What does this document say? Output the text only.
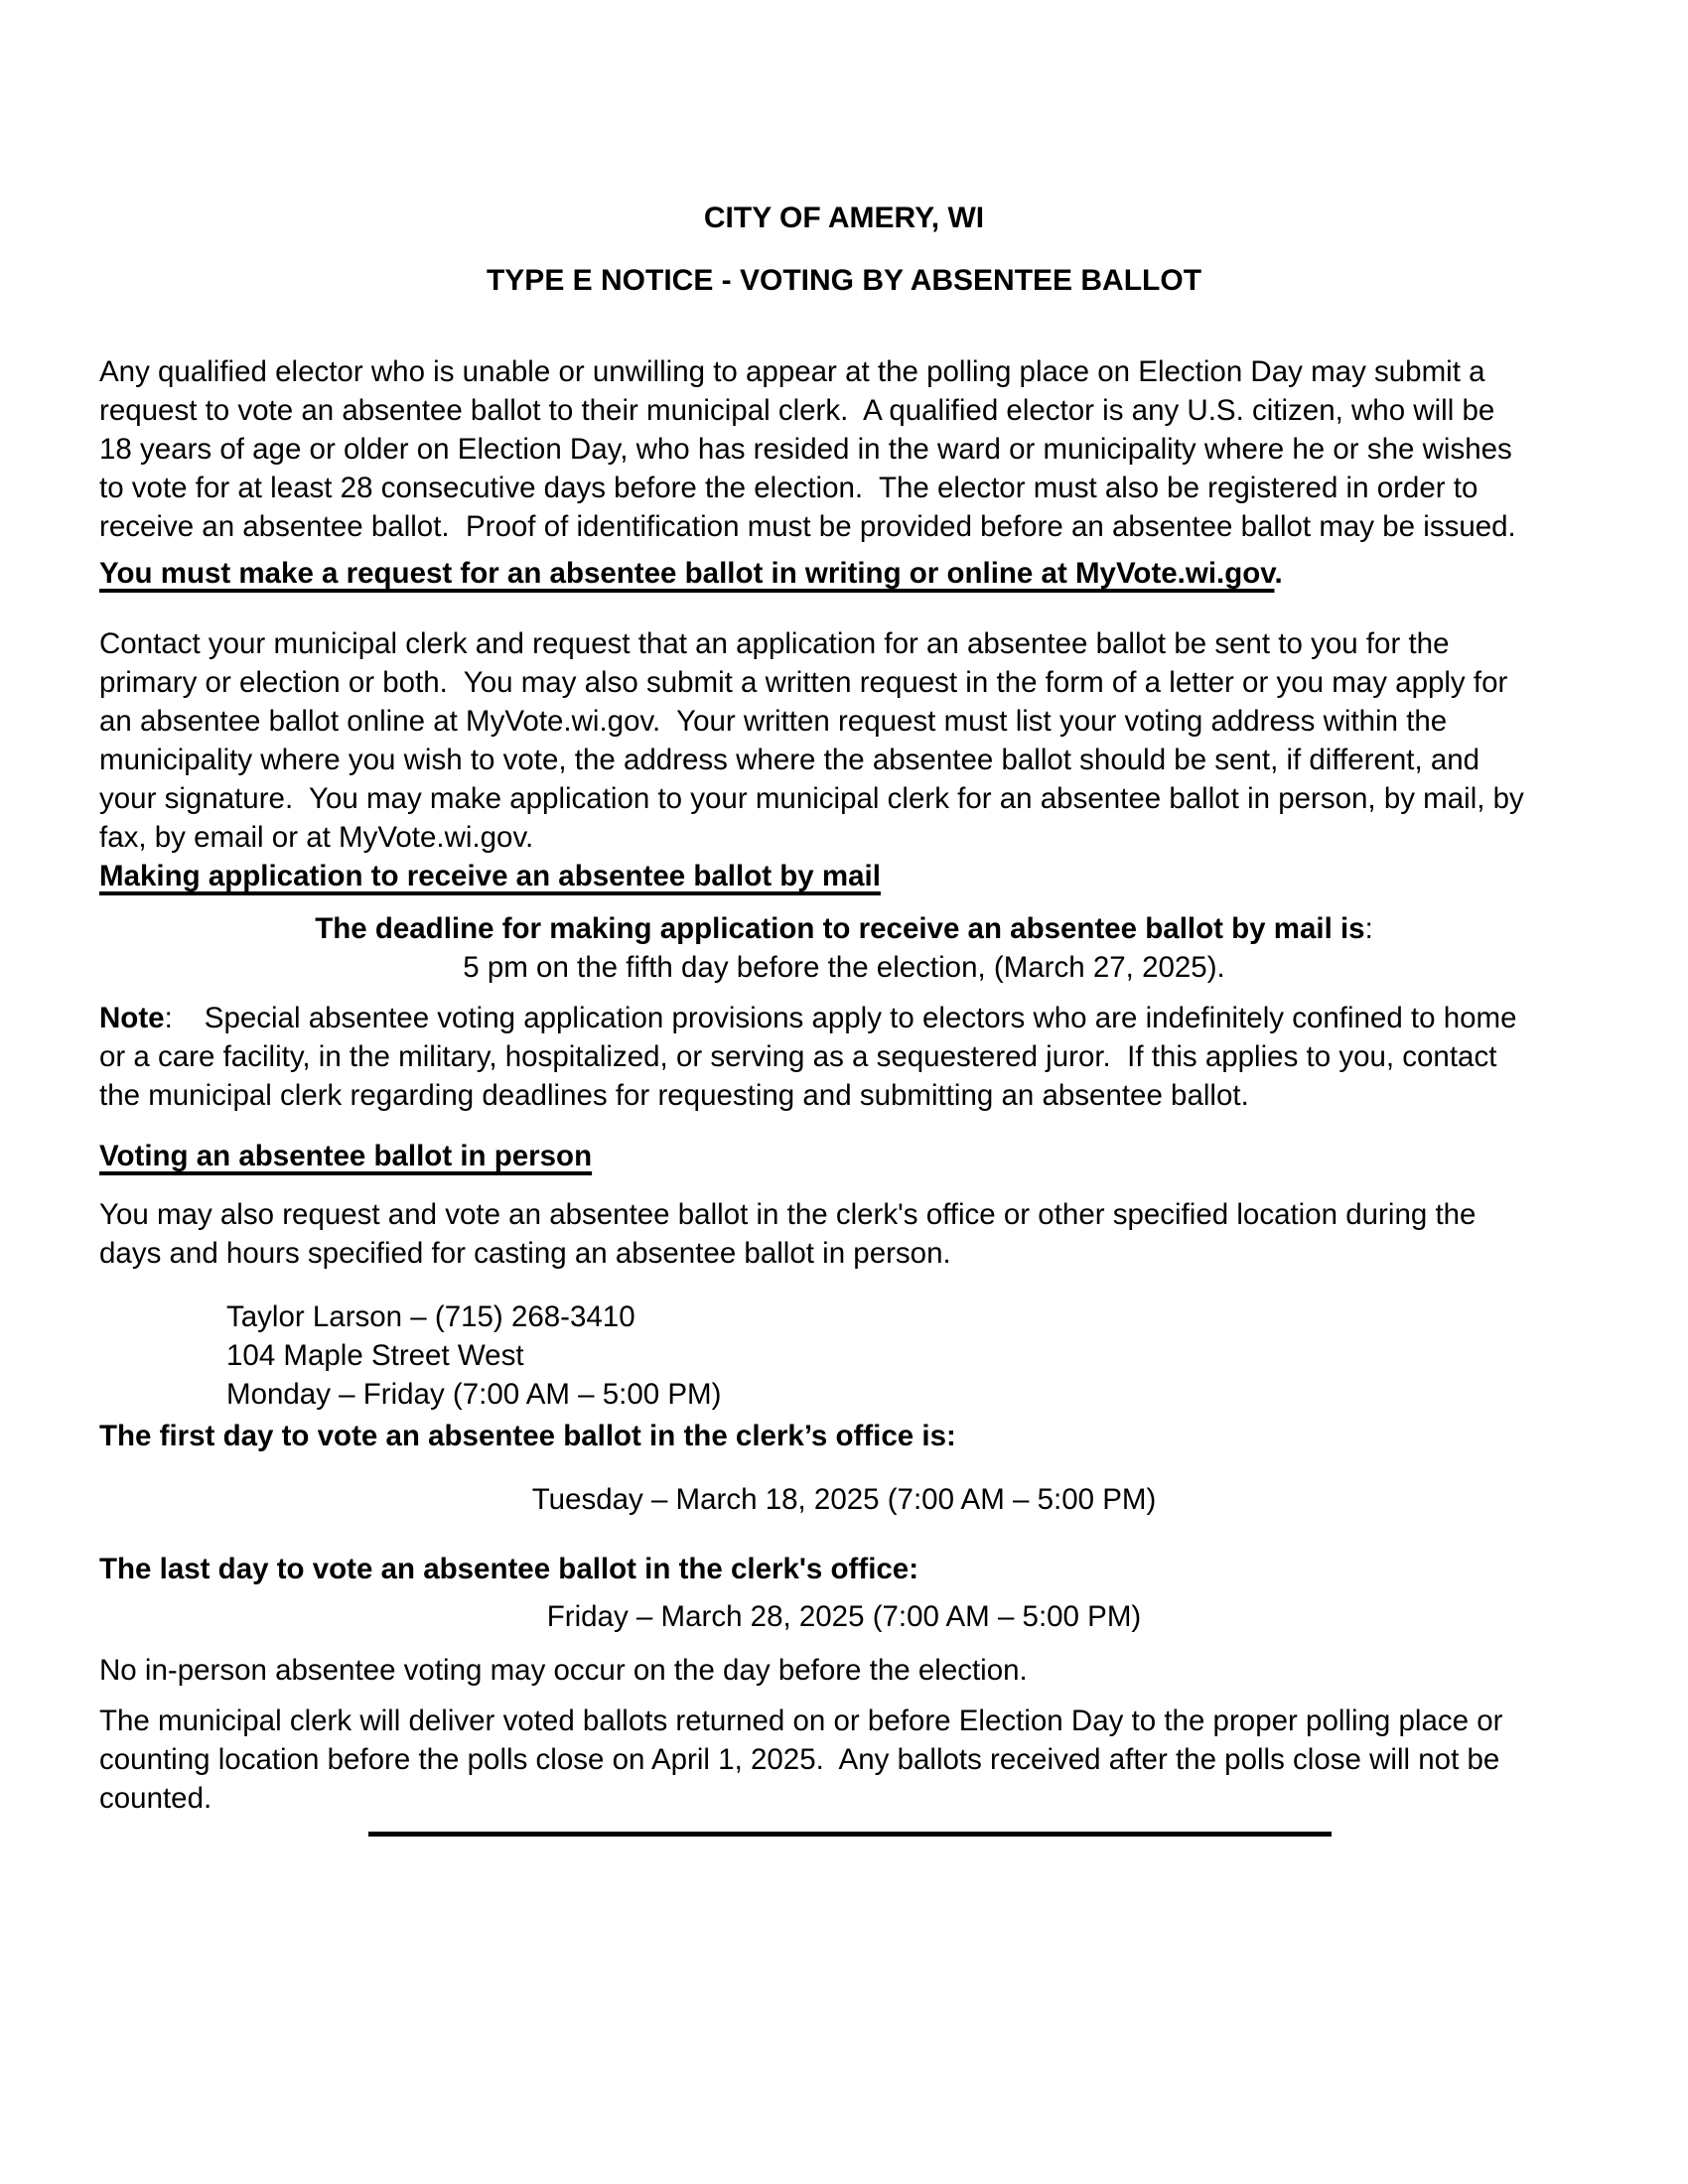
CITY OF AMERY, WI

TYPE E NOTICE - VOTING BY ABSENTEE BALLOT

Any qualified elector who is unable or unwilling to appear at the polling place on Election Day may submit a request to vote an absentee ballot to their municipal clerk.  A qualified elector is any U.S. citizen, who will be 18 years of age or older on Election Day, who has resided in the ward or municipality where he or she wishes to vote for at least 28 consecutive days before the election.  The elector must also be registered in order to receive an absentee ballot.  Proof of identification must be provided before an absentee ballot may be issued.

You must make a request for an absentee ballot in writing or online at MyVote.wi.gov.

Contact your municipal clerk and request that an application for an absentee ballot be sent to you for the primary or election or both.  You may also submit a written request in the form of a letter or you may apply for an absentee ballot online at MyVote.wi.gov.  Your written request must list your voting address within the municipality where you wish to vote, the address where the absentee ballot should be sent, if different, and your signature.  You may make application to your municipal clerk for an absentee ballot in person, by mail, by fax, by email or at MyVote.wi.gov.

Making application to receive an absentee ballot by mail

The deadline for making application to receive an absentee ballot by mail is:

5 pm on the fifth day before the election, (March 27, 2025).

Note: Special absentee voting application provisions apply to electors who are indefinitely confined to home or a care facility, in the military, hospitalized, or serving as a sequestered juror.  If this applies to you, contact the municipal clerk regarding deadlines for requesting and submitting an absentee ballot.

Voting an absentee ballot in person

You may also request and vote an absentee ballot in the clerk's office or other specified location during the days and hours specified for casting an absentee ballot in person.

Taylor Larson – (715) 268-3410

104 Maple Street West

Monday – Friday (7:00 AM – 5:00 PM)

The first day to vote an absentee ballot in the clerk’s office is:

Tuesday – March 18, 2025 (7:00 AM – 5:00 PM)

The last day to vote an absentee ballot in the clerk's office:

Friday – March 28, 2025 (7:00 AM – 5:00 PM)

No in-person absentee voting may occur on the day before the election.

The municipal clerk will deliver voted ballots returned on or before Election Day to the proper polling place or counting location before the polls close on April 1, 2025.  Any ballots received after the polls close will not be counted.
